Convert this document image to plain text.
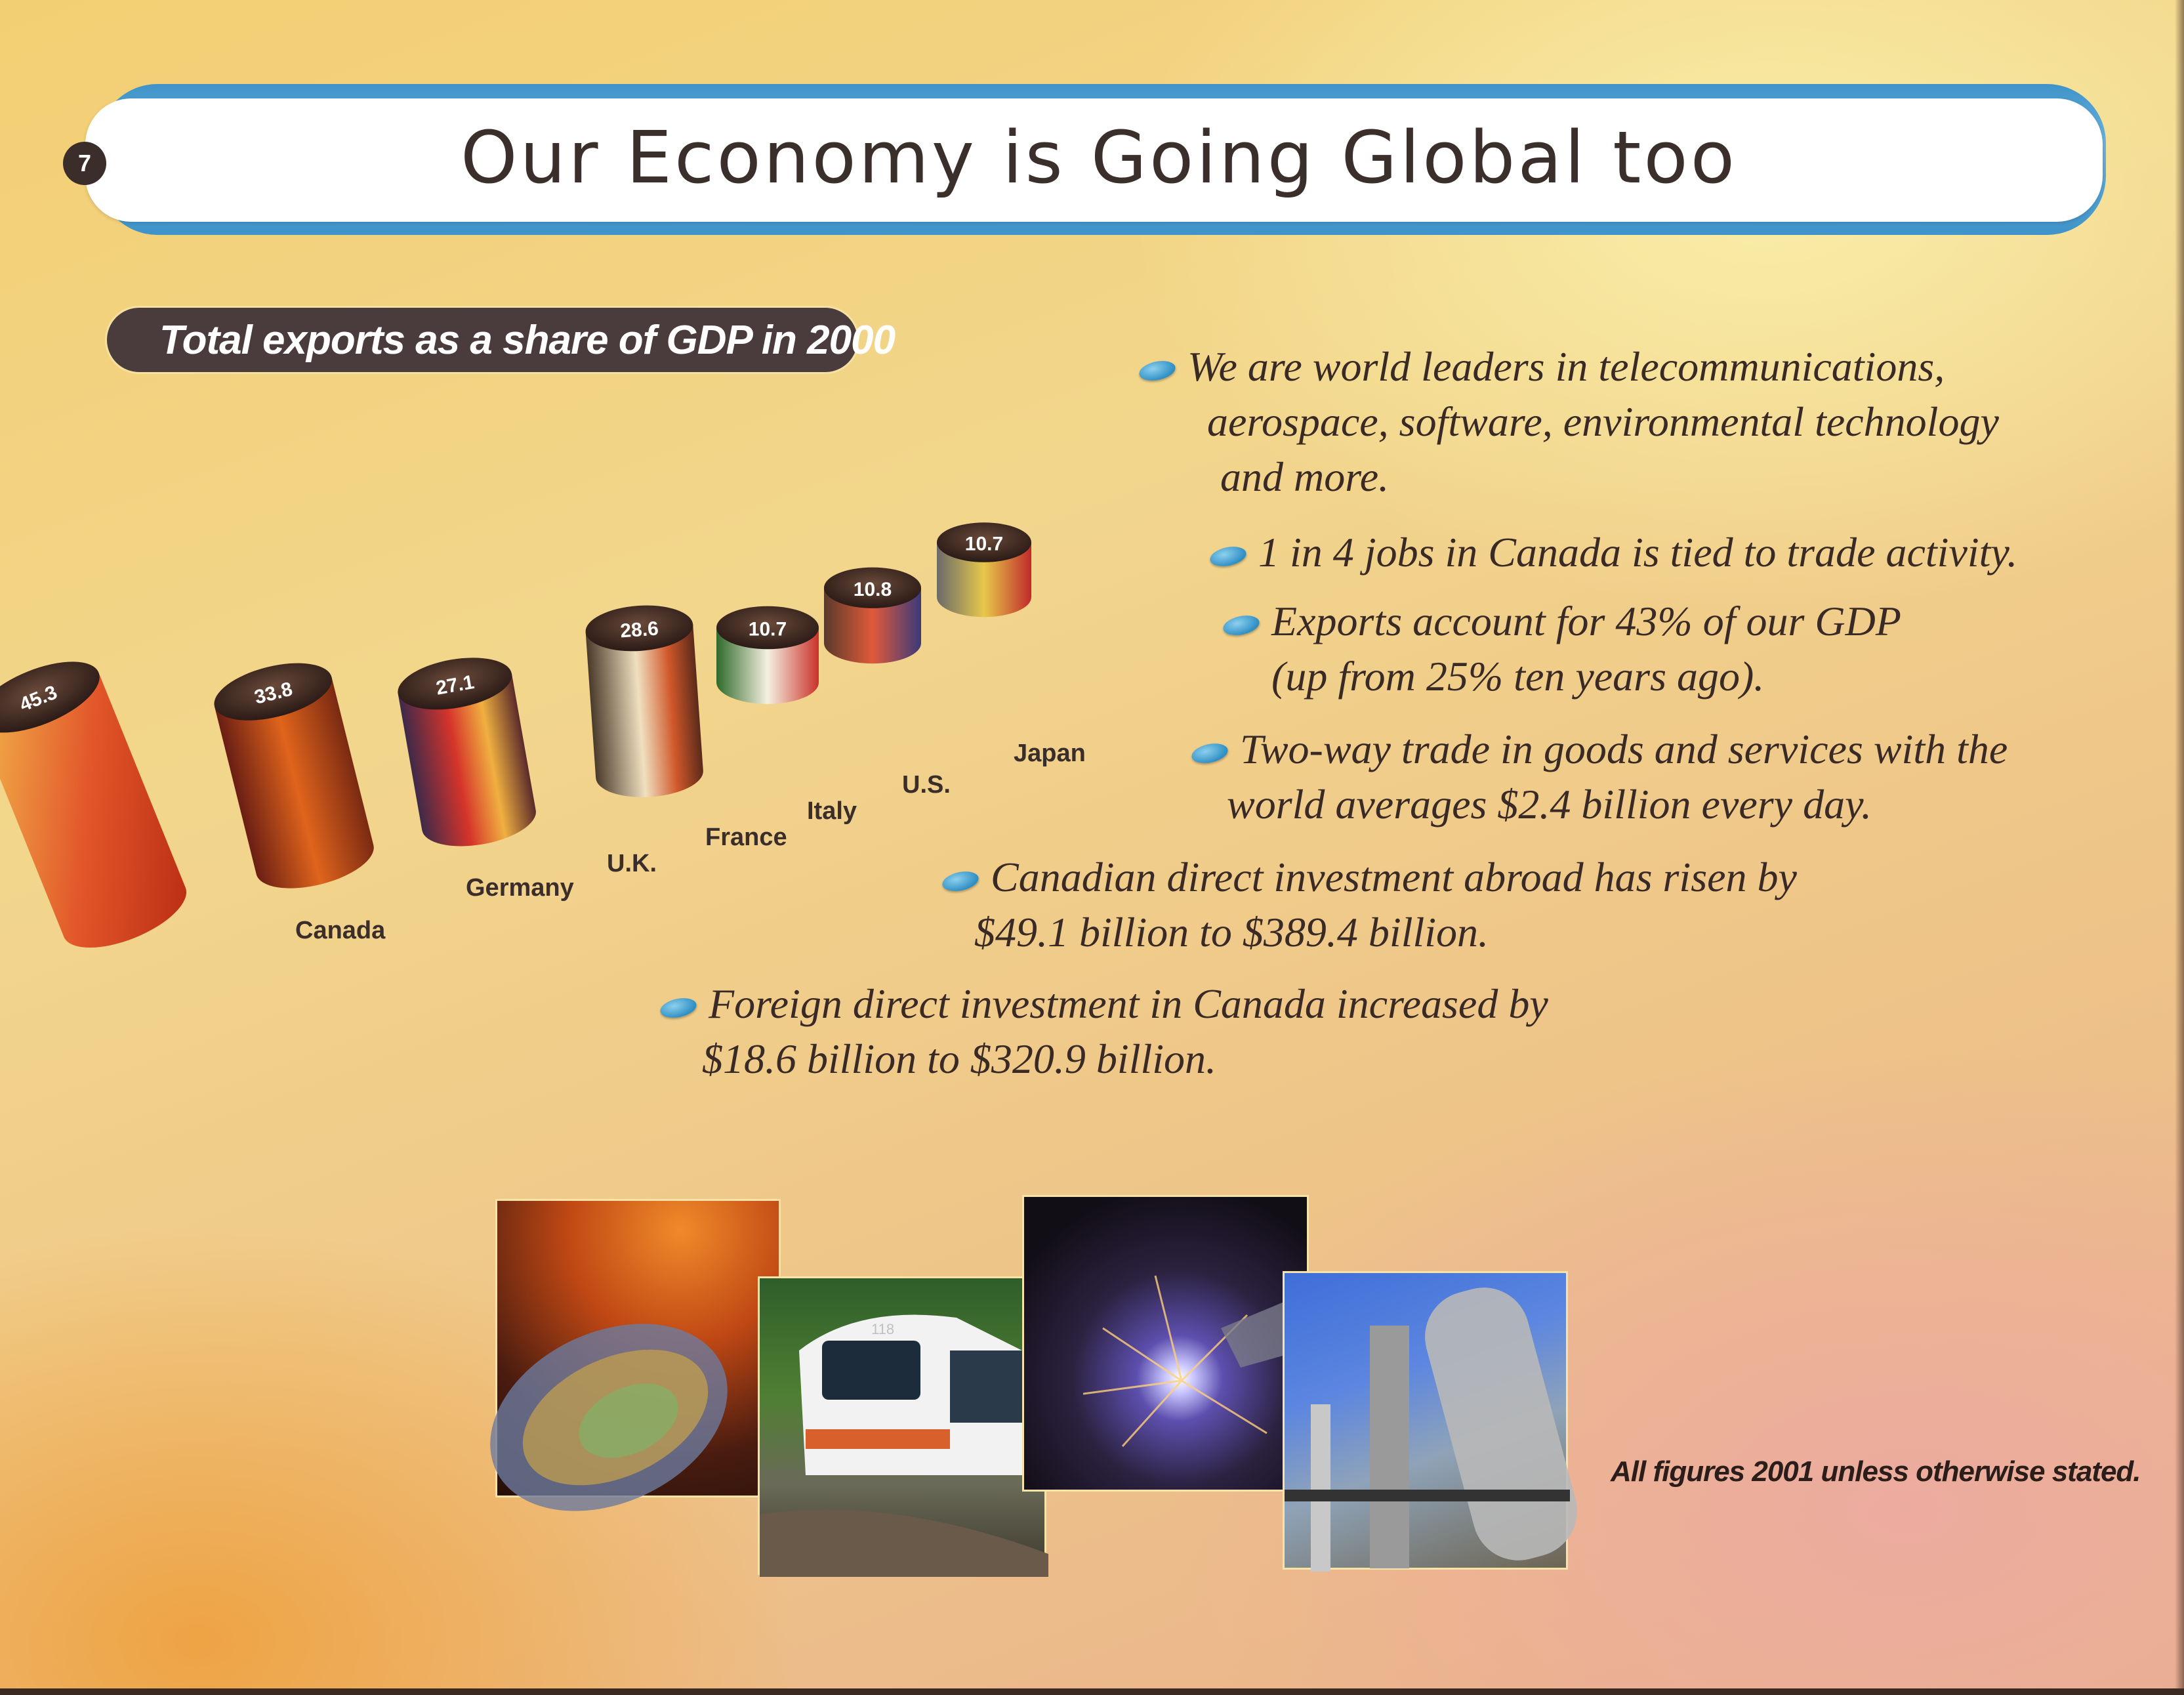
7	Our Economy is Going Global too
Total exports as a share of GDP in 2000
45.3
Canada
33.8
Germany
27.1
U.K.
28.6
France
10.7
Italy
10.8
U.S.
10.7
Japan
We are world leaders in telecommunications,
aerospace, software, environmental technology
and more.
1 in 4 jobs in Canada is tied to trade activity.
Exports account for 43% of our GDP
(up from 25% ten years ago).
Two-way trade in goods and services with the
world averages $2.4 billion every day.
Canadian direct investment abroad has risen by
$49.1 billion to $389.4 billion.
Foreign direct investment in Canada increased by
$18.6 billion to $320.9 billion.
118
All figures 2001 unless otherwise stated.
